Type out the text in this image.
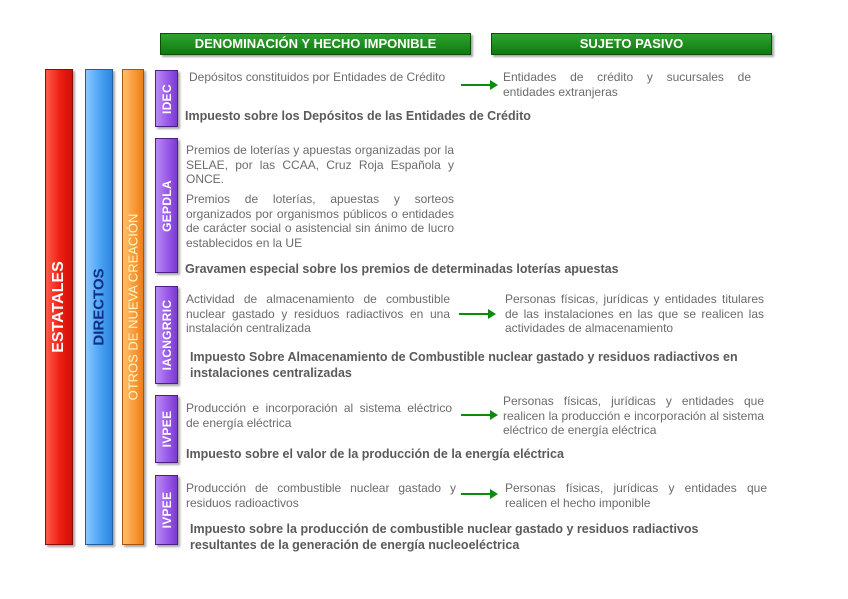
DENOMINACIÓN Y HECHO IMPONIBLE	SUJETO PASIVO
ESTATALES DIRECTOS OTROS DE NUEVA CREACIÓN
IDEC

Depósitos constituidos por Entidades de Crédito	Entidades de crédito y sucursales de entidades extranjeras

Impuesto sobre los Depósitos de las Entidades de Crédito

GEPDLA

Premios de loterías y apuestas organizadas por la SELAE, por las CCAA, Cruz Roja Española y ONCE.

Premios de loterías, apuestas y sorteos organizados por organismos públicos o entidades de carácter social o asistencial sin ánimo de lucro establecidos en la UE

Gravamen especial sobre los premios de determinadas loterías apuestas

IACNGRRIC

Actividad de almacenamiento de combustible nuclear gastado y residuos radiactivos en una instalación centralizada

Personas físicas, jurídicas y entidades titulares de las instalaciones en las que se realicen las actividades de almacenamiento

Impuesto Sobre Almacenamiento de Combustible nuclear gastado y residuos radiactivos en instalaciones centralizadas

IVPEE

Producción e incorporación al sistema eléctrico de energía eléctrica

Personas físicas, jurídicas y entidades que realicen la producción e incorporación al sistema eléctrico de energía eléctrica

Impuesto sobre el valor de la producción de la energía eléctrica

IVPEE

Producción de combustible nuclear gastado y residuos radioactivos

Personas físicas, jurídicas y entidades que realicen el hecho imponible

Impuesto sobre la producción de combustible nuclear gastado y residuos radiactivos resultantes de la generación de energía nucleoeléctrica
